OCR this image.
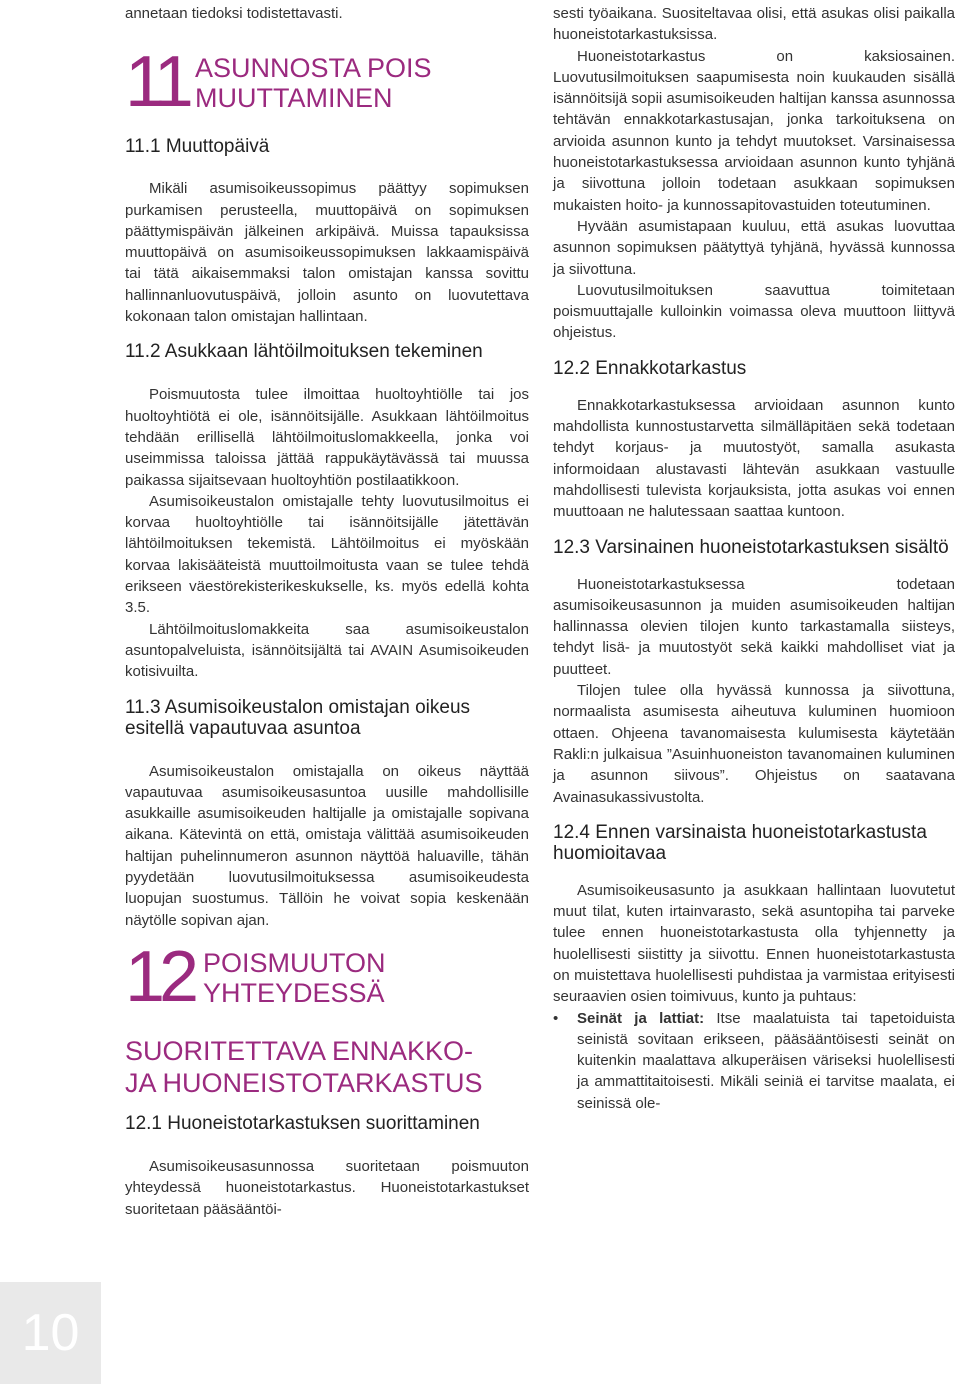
annetaan tiedoksi todistettavasti.

11 ASUNNOSTA POIS
MUUTTAMINEN
11.1 Muuttopäivä

Mikäli asumisoikeussopimus päättyy sopimuksen purkamisen perusteella, muuttopäivä on sopimuksen päättymispäivän jälkeinen arkipäivä. Muissa tapauksissa muuttopäivä on asumisoikeussopimuksen lakkaamispäivä tai tätä aikaisemmaksi talon omistajan kanssa sovittu hallinnanluovutuspäivä, jolloin asunto on luovutettava kokonaan talon omistajan hallintaan.

11.2 Asukkaan lähtöilmoituksen tekeminen

Poismuutosta tulee ilmoittaa huoltoyhtiölle tai jos huoltoyhtiötä ei ole, isännöitsijälle. Asukkaan lähtöilmoitus tehdään erillisellä lähtöilmoituslomakkeella, jonka voi useimmissa taloissa jättää rappukäytävässä tai muussa paikassa sijaitsevaan huoltoyhtiön postilaatikkoon.

Asumisoikeustalon omistajalle tehty luovutusilmoitus ei korvaa huoltoyhtiölle tai isännöitsijälle jätettävän lähtöilmoituksen tekemistä. Lähtöilmoitus ei myöskään korvaa lakisääteistä muuttoilmoitusta vaan se tulee tehdä erikseen väestörekisterikeskukselle, ks. myös edellä kohta 3.5.

Lähtöilmoituslomakkeita saa asumisoikeustalon asuntopalveluista, isännöitsijältä tai AVAIN Asumisoikeuden kotisivuilta.

11.3 Asumisoikeustalon omistajan oikeus esitellä vapautuvaa asuntoa

Asumisoikeustalon omistajalla on oikeus näyttää vapautuvaa asumisoikeusasuntoa uusille mahdollisille asukkaille asumisoikeuden haltijalle ja omistajalle sopivana aikana. Kätevintä on että, omistaja välittää asumisoikeuden haltijan puhelinnumeron asunnon näyttöä haluaville, tähän pyydetään luovutusilmoituksessa asumisoikeudesta luopujan suostumus. Tällöin he voivat sopia keskenään näytölle sopivan ajan.

12 POISMUUTON
YHTEYDESSÄ
SUORITETTAVA ENNAKKO-
JA HUONEISTOTARKASTUS
12.1 Huoneistotarkastuksen suorittaminen

Asumisoikeusasunnossa suoritetaan poismuuton yhteydessä huoneistotarkastus. Huoneistotarkastukset suoritetaan pääsääntöi-

sesti työaikana. Suositeltavaa olisi, että asukas olisi paikalla huoneistotarkastuksissa.

Huoneistotarkastus on kaksiosainen. Luovutusilmoituksen saapumisesta noin kuukauden sisällä isännöitsijä sopii asumisoikeuden haltijan kanssa asunnossa tehtävän ennakkotarkastusajan, jonka tarkoituksena on arvioida asunnon kunto ja tehdyt muutokset. Varsinaisessa huoneistotarkastuksessa arvioidaan asunnon kunto tyhjänä ja siivottuna jolloin todetaan asukkaan sopimuksen mukaisten hoito- ja kunnossapitovastuiden toteutuminen.

Hyvään asumistapaan kuuluu, että asukas luovuttaa asunnon sopimuksen päätyttyä tyhjänä, hyvässä kunnossa ja siivottuna.

Luovutusilmoituksen saavuttua toimitetaan poismuuttajalle kulloinkin voimassa oleva muuttoon liittyvä ohjeistus.

12.2 Ennakkotarkastus

Ennakkotarkastuksessa arvioidaan asunnon kunto mahdollista kunnostustarvetta silmälläpitäen sekä todetaan tehdyt korjaus- ja muutostyöt, samalla asukasta informoidaan alustavasti lähtevän asukkaan vastuulle mahdollisesti tulevista korjauksista, jotta asukas voi ennen muuttoaan ne halutessaan saattaa kuntoon.

12.3 Varsinainen huoneistotarkastuksen sisältö

Huoneistotarkastuksessa todetaan asumisoikeusasunnon ja muiden asumisoikeuden haltijan hallinnassa olevien tilojen kunto tarkastamalla siisteys, tehdyt lisä- ja muutostyöt sekä kaikki mahdolliset viat ja puutteet.

Tilojen tulee olla hyvässä kunnossa ja siivottuna, normaalista asumisesta aiheutuva kuluminen huomioon ottaen. Ohjeena tavanomaisesta kulumisesta käytetään Rakli:n julkaisua ”Asuinhuoneiston tavanomainen kuluminen ja asunnon siivous”. Ohjeistus on saatavana Avainasukassivustolta.

12.4 Ennen varsinaista huoneistotarkastusta huomioitavaa

Asumisoikeusasunto ja asukkaan hallintaan luovutetut muut tilat, kuten irtainvarasto, sekä asuntopiha tai parveke tulee ennen huoneistotarkastusta olla tyhjennetty ja huolellisesti siistitty ja siivottu. Ennen huoneistotarkastusta on muistettava huolellisesti puhdistaa ja varmistaa erityisesti seuraavien osien toimivuus, kunto ja puhtaus:

• Seinät ja lattiat: Itse maalatuista tai tapetoiduista seinistä sovitaan erikseen, pääsääntöisesti seinät on kuitenkin maalattava alkuperäisen väriseksi huolellisesti ja ammattitaitoisesti. Mikäli seiniä ei tarvitse maalata, ei seinissä ole-
10
